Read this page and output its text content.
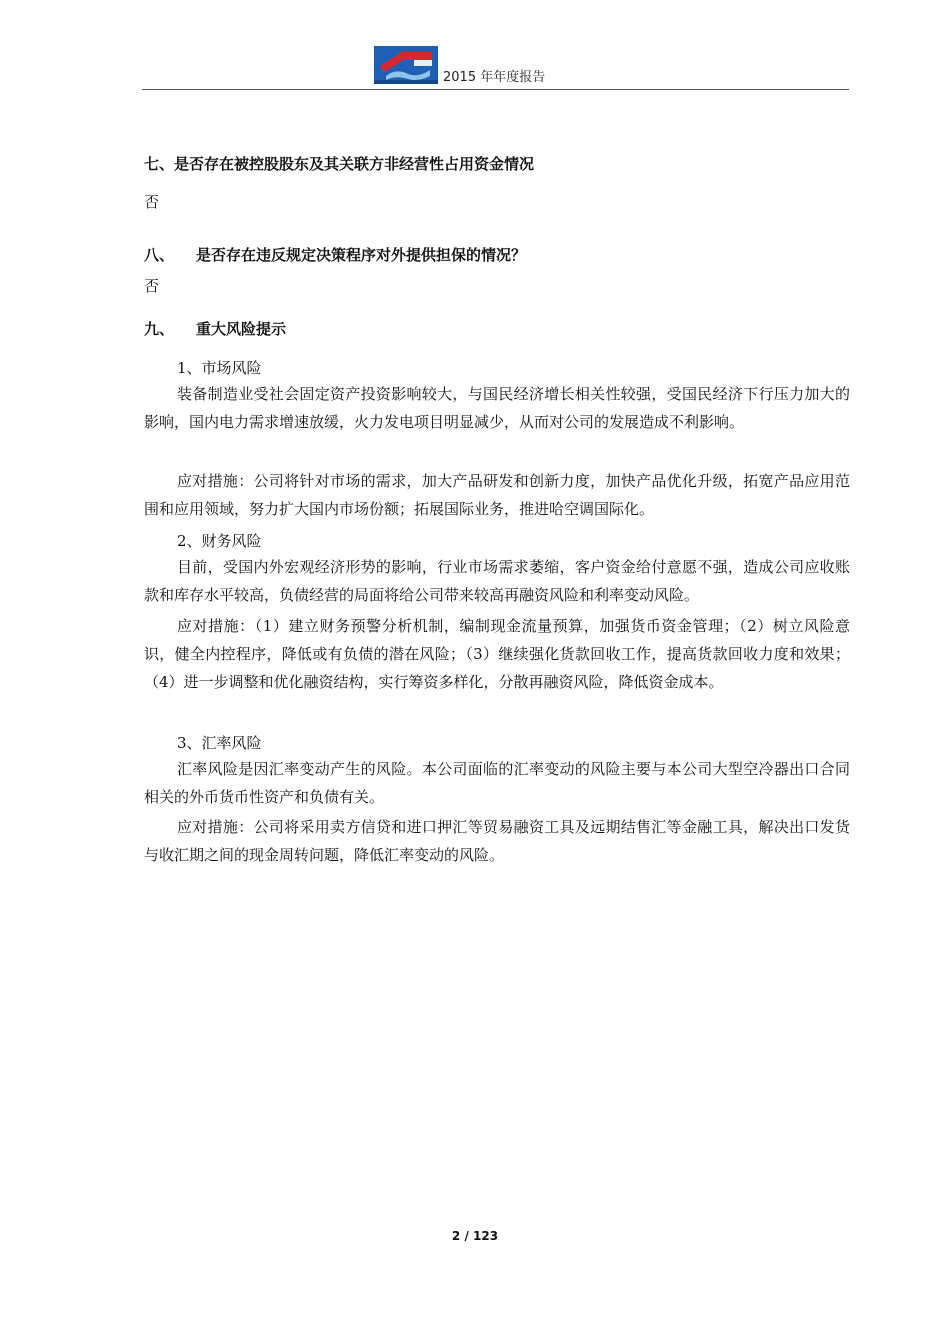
2015 年年度报告
七、是否存在被控股股东及其关联方非经营性占用资金情况
否
八、 是否存在违反规定决策程序对外提供担保的情况？
否
九、 重大风险提示
1、市场风险

装备制造业受社会固定资产投资影响较大，与国民经济增长相关性较强，受国民经济下行压力加大的影响，国内电力需求增速放缓，火力发电项目明显减少，从而对公司的发展造成不利影响。

应对措施：公司将针对市场的需求，加大产品研发和创新力度，加快产品优化升级，拓宽产品应用范围和应用领域，努力扩大国内市场份额；拓展国际业务，推进哈空调国际化。

2、财务风险

目前，受国内外宏观经济形势的影响，行业市场需求萎缩，客户资金给付意愿不强，造成公司应收账款和库存水平较高，负债经营的局面将给公司带来较高再融资风险和利率变动风险。

应对措施：（1）建立财务预警分析机制，编制现金流量预算，加强货币资金管理；（2）树立风险意识，健全内控程序，降低或有负债的潜在风险；（3）继续强化货款回收工作，提高货款回收力度和效果；（4）进一步调整和优化融资结构，实行筹资多样化，分散再融资风险，降低资金成本。

3、汇率风险

汇率风险是因汇率变动产生的风险。本公司面临的汇率变动的风险主要与本公司大型空冷器出口合同相关的外币货币性资产和负债有关。

应对措施：公司将采用卖方信贷和进口押汇等贸易融资工具及远期结售汇等金融工具，解决出口发货与收汇期之间的现金周转问题，降低汇率变动的风险。

2 / 123
